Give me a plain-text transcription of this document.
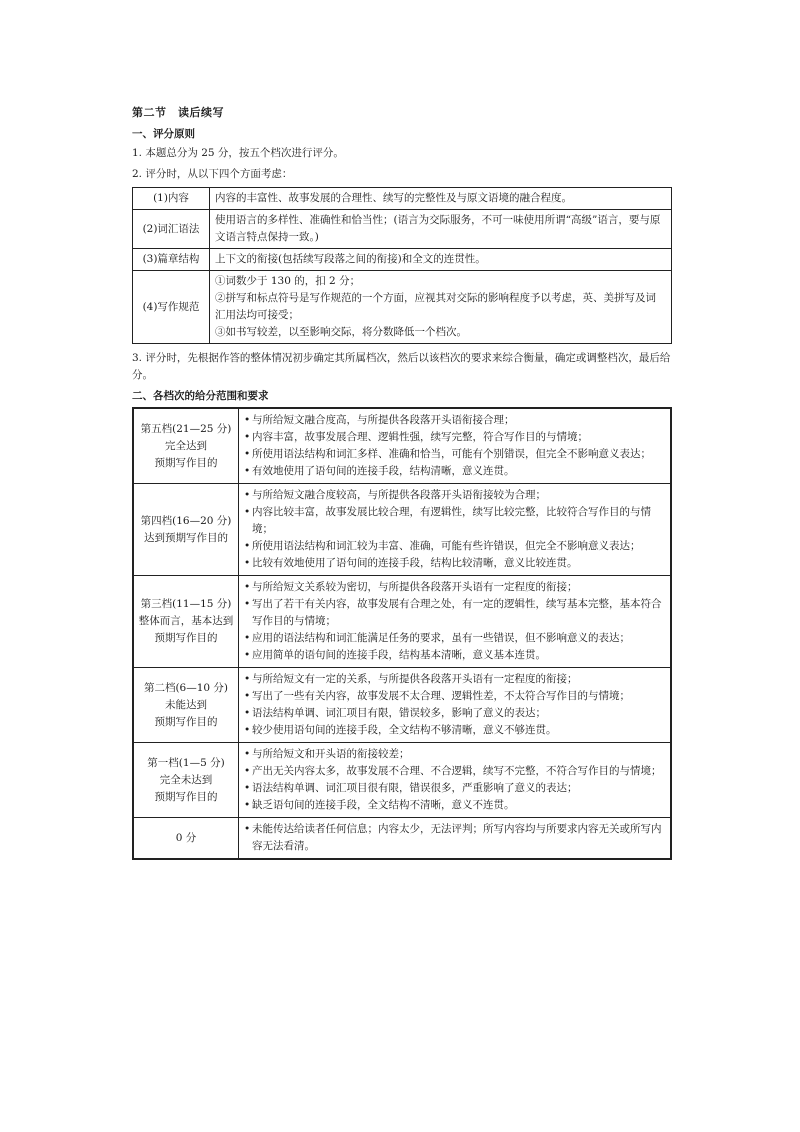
第二节　读后续写
一、评分原则
1. 本题总分为 25 分，按五个档次进行评分。
2. 评分时，从以下四个方面考虑：
(1)内容	内容的丰富性、故事发展的合理性、续写的完整性及与原文语境的融合程度。

(2)词汇语法	使用语言的多样性、准确性和恰当性；(语言为交际服务，不可一味使用所谓“高级”语言，要与原文语言特点保持一致。)

(3)篇章结构	上下文的衔接(包括续写段落之间的衔接)和全文的连贯性。

(4)写作规范	①词数少于 130 的，扣 2 分；
②拼写和标点符号是写作规范的一个方面，应视其对交际的影响程度予以考虑，英、美拼写及词汇用法均可接受；
③如书写较差，以至影响交际，将分数降低一个档次。
3. 评分时，先根据作答的整体情况初步确定其所属档次，然后以该档次的要求来综合衡量，确定或调整档次，最后给分。
二、各档次的给分范围和要求
第五档(21—25 分)
完全达到
预期写作目的	• 与所给短文融合度高，与所提供各段落开头语衔接合理；
• 内容丰富，故事发展合理、逻辑性强，续写完整，符合写作目的与情境；
• 所使用语法结构和词汇多样、准确和恰当，可能有个别错误，但完全不影响意义表达；
• 有效地使用了语句间的连接手段，结构清晰，意义连贯。

第四档(16—20 分)
达到预期写作目的	• 与所给短文融合度较高，与所提供各段落开头语衔接较为合理；
• 内容比较丰富，故事发展比较合理，有逻辑性，续写比较完整，比较符合写作目的与情境；
• 所使用语法结构和词汇较为丰富、准确，可能有些许错误，但完全不影响意义表达；
• 比较有效地使用了语句间的连接手段，结构比较清晰，意义比较连贯。

第三档(11—15 分)
整体而言，基本达到
预期写作目的	• 与所给短文关系较为密切，与所提供各段落开头语有一定程度的衔接；
• 写出了若干有关内容，故事发展有合理之处，有一定的逻辑性，续写基本完整，基本符合写作目的与情境；
• 应用的语法结构和词汇能满足任务的要求，虽有一些错误，但不影响意义的表达；
• 应用简单的语句间的连接手段，结构基本清晰，意义基本连贯。

第二档(6—10 分)
未能达到
预期写作目的	• 与所给短文有一定的关系，与所提供各段落开头语有一定程度的衔接；
• 写出了一些有关内容，故事发展不太合理、逻辑性差，不太符合写作目的与情境；
• 语法结构单调、词汇项目有限，错误较多，影响了意义的表达；
• 较少使用语句间的连接手段，全文结构不够清晰，意义不够连贯。

第一档(1—5 分)
完全未达到
预期写作目的	• 与所给短文和开头语的衔接较差；
• 产出无关内容太多，故事发展不合理、不合逻辑，续写不完整，不符合写作目的与情境；
• 语法结构单调、词汇项目很有限，错误很多，严重影响了意义的表达；
• 缺乏语句间的连接手段，全文结构不清晰，意义不连贯。

0 分	• 未能传达给读者任何信息；内容太少，无法评判；所写内容均与所要求内容无关或所写内容无法看清。
